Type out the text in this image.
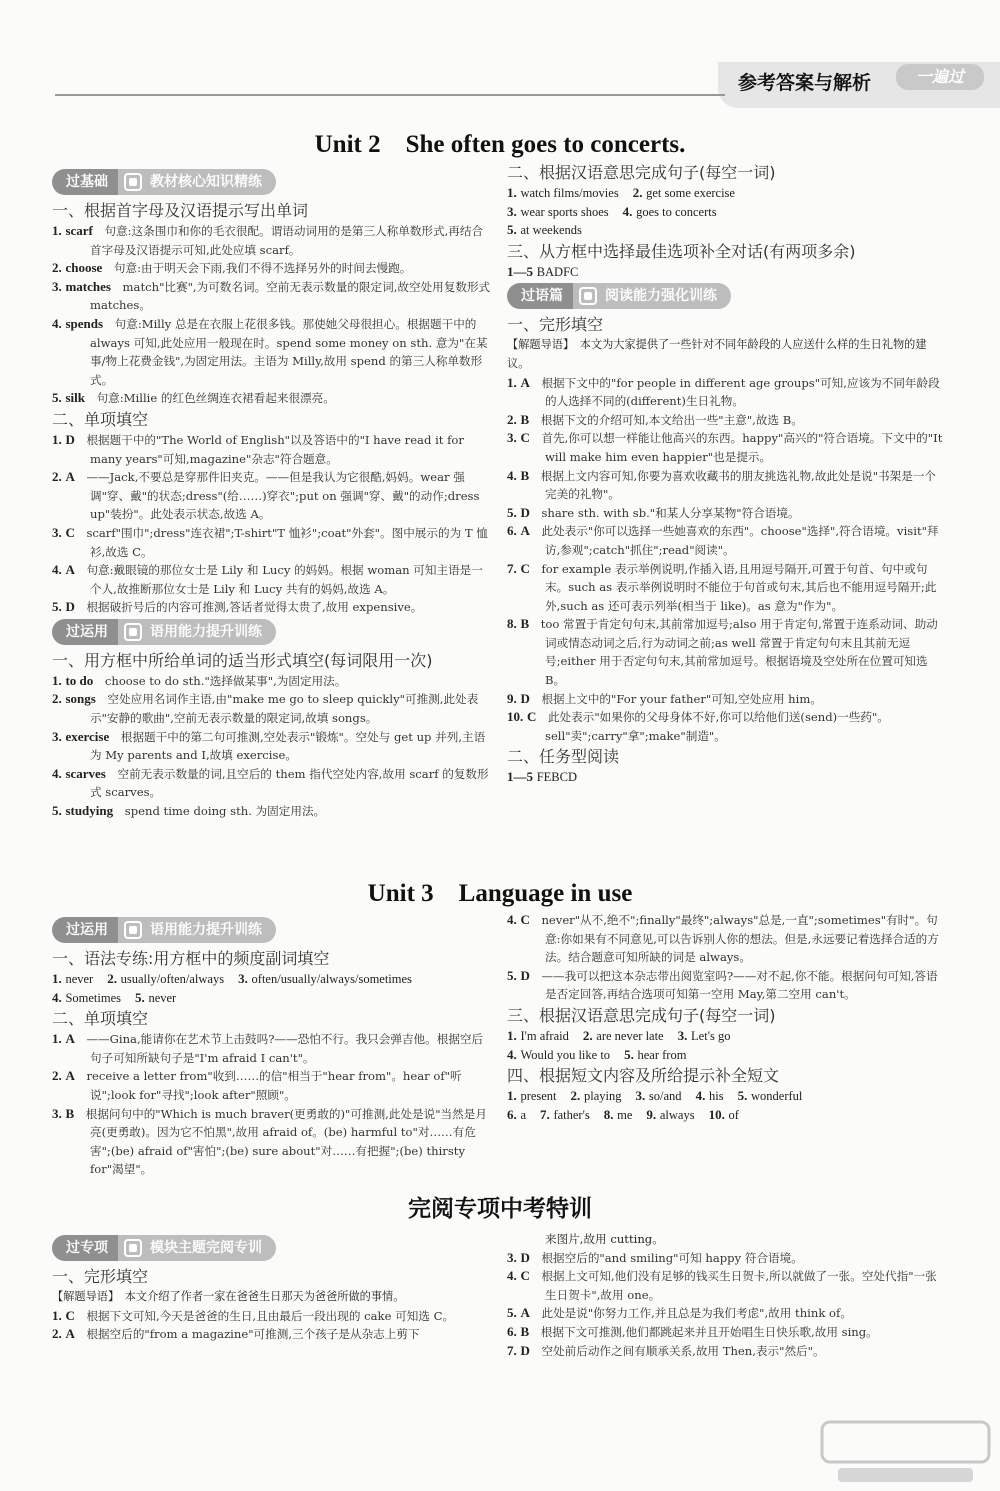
参考答案与解析	一遍过
Unit 2　She often goes to concerts.
过基础	教材核心知识精练
一、根据首字母及汉语提示写出单词
1. scarf　 句意:这条围巾和你的毛衣很配。谓语动词用的是第三人称单数形式,再结合首字母及汉语提示可知,此处应填 scarf。
2. choose　 句意:由于明天会下雨,我们不得不选择另外的时间去慢跑。
3. matches　 match"比赛",为可数名词。空前无表示数量的限定词,故空处用复数形式 matches。
4. spends　 句意:Milly 总是在衣服上花很多钱。那使她父母很担心。根据题干中的 always 可知,此处应用一般现在时。spend some money on sth. 意为"在某事/物上花费金钱",为固定用法。主语为 Milly,故用 spend 的第三人称单数形式。
5. silk　 句意:Millie 的红色丝绸连衣裙看起来很漂亮。
二、单项填空
1. D　 根据题干中的"The World of English"以及答语中的"I have read it for many years"可知,magazine"杂志"符合题意。
2. A　 ——Jack,不要总是穿那件旧夹克。——但是我认为它很酷,妈妈。wear 强调"穿、戴"的状态;dress"(给……)穿衣";put on 强调"穿、戴"的动作;dress up"装扮"。此处表示状态,故选 A。
3. C　 scarf"围巾";dress"连衣裙";T-shirt"T 恤衫";coat"外套"。图中展示的为 T 恤衫,故选 C。
4. A　 句意:戴眼镜的那位女士是 Lily 和 Lucy 的妈妈。根据 woman 可知主语是一个人,故推断那位女士是 Lily 和 Lucy 共有的妈妈,故选 A。
5. D　 根据破折号后的内容可推测,答话者觉得太贵了,故用 expensive。
过运用	语用能力提升训练
一、用方框中所给单词的适当形式填空(每词限用一次)
1. to do　 choose to do sth."选择做某事",为固定用法。
2. songs　 空处应用名词作主语,由"make me go to sleep quickly"可推测,此处表示"安静的歌曲",空前无表示数量的限定词,故填 songs。
3. exercise　 根据题干中的第二句可推测,空处表示"锻炼"。空处与 get up 并列,主语为 My parents and I,故填 exercise。
4. scarves　 空前无表示数量的词,且空后的 them 指代空处内容,故用 scarf 的复数形式 scarves。
5. studying　 spend time doing sth. 为固定用法。
二、根据汉语意思完成句子(每空一词)
1. watch films/movies 2. get some exercise
3. wear sports shoes 4. goes to concerts
5. at weekends
三、从方框中选择最佳选项补全对话(有两项多余)
1—5 BADFC
过语篇	阅读能力强化训练
一、完形填空
【解题导语】　 本文为大家提供了一些针对不同年龄段的人应送什么样的生日礼物的建议。
1. A　 根据下文中的"for people in different age groups"可知,应该为不同年龄段的人选择不同的(different)生日礼物。
2. B　 根据下文的介绍可知,本文给出一些"主意",故选 B。
3. C　 首先,你可以想一样能让他高兴的东西。happy"高兴的"符合语境。下文中的"It will make him even happier"也是提示。
4. B　 根据上文内容可知,你要为喜欢收藏书的朋友挑选礼物,故此处是说"书架是一个完美的礼物"。
5. D　 share sth. with sb."和某人分享某物"符合语境。
6. A　 此处表示"你可以选择一些她喜欢的东西"。choose"选择",符合语境。visit"拜访,参观";catch"抓住";read"阅读"。
7. C　 for example 表示举例说明,作插入语,且用逗号隔开,可置于句首、句中或句末。such as 表示举例说明时不能位于句首或句末,其后也不能用逗号隔开;此外,such as 还可表示列举(相当于 like)。as 意为"作为"。
8. B　 too 常置于肯定句句末,其前常加逗号;also 用于肯定句,常置于连系动词、助动词或情态动词之后,行为动词之前;as well 常置于肯定句句末且其前无逗号;either 用于否定句句末,其前常加逗号。根据语境及空处所在位置可知选 B。
9. D　 根据上文中的"For your father"可知,空处应用 him。
10. C　 此处表示"如果你的父母身体不好,你可以给他们送(send)一些药"。sell"卖";carry"拿";make"制造"。
二、任务型阅读
1—5 FEBCD
Unit 3　Language in use
过运用	语用能力提升训练
一、语法专练:用方框中的频度副词填空
1. never 2. usually/often/always 3. often/usually/always/sometimes
4. Sometimes 5. never
二、单项填空
1. A　 ——Gina,能请你在艺术节上击鼓吗?——恐怕不行。我只会弹吉他。根据空后句子可知所缺句子是"I'm afraid I can't"。
2. A　 receive a letter from"收到……的信"相当于"hear from"。hear of"听说";look for"寻找";look after"照顾"。
3. B　 根据问句中的"Which is much braver(更勇敢的)"可推测,此处是说"当然是月亮(更勇敢)。因为它不怕黑",故用 afraid of。(be) harmful to"对……有危害";(be) afraid of"害怕";(be) sure about"对……有把握";(be) thirsty for"渴望"。
4. C　 never"从不,绝不";finally"最终";always"总是,一直";sometimes"有时"。句意:你如果有不同意见,可以告诉别人你的想法。但是,永远要记着选择合适的方法。结合题意可知所缺的词是 always。
5. D　 ——我可以把这本杂志带出阅览室吗?——对不起,你不能。根据问句可知,答语是否定回答,再结合选项可知第一空用 May,第二空用 can't。
三、根据汉语意思完成句子(每空一词)
1. I'm afraid 2. are never late 3. Let's go
4. Would you like to 5. hear from
四、根据短文内容及所给提示补全短文
1. present 2. playing 3. so/and 4. his 5. wonderful
6. a 7. father's 8. me 9. always 10. of
完阅专项中考特训
过专项	模块主题完阅专训
一、完形填空
【解题导语】　 本文介绍了作者一家在爸爸生日那天为爸爸所做的事情。
1. C　 根据下文可知,今天是爸爸的生日,且由最后一段出现的 cake 可知选 C。
2. A　 根据空后的"from a magazine"可推测,三个孩子是从杂志上剪下
来图片,故用 cutting。
3. D　 根据空后的"and smiling"可知 happy 符合语境。
4. C　 根据上文可知,他们没有足够的钱买生日贺卡,所以就做了一张。空处代指"一张生日贺卡",故用 one。
5. A　 此处是说"你努力工作,并且总是为我们考虑",故用 think of。
6. B　 根据下文可推测,他们都跳起来并且开始唱生日快乐歌,故用 sing。
7. D　 空处前后动作之间有顺承关系,故用 Then,表示"然后"。
